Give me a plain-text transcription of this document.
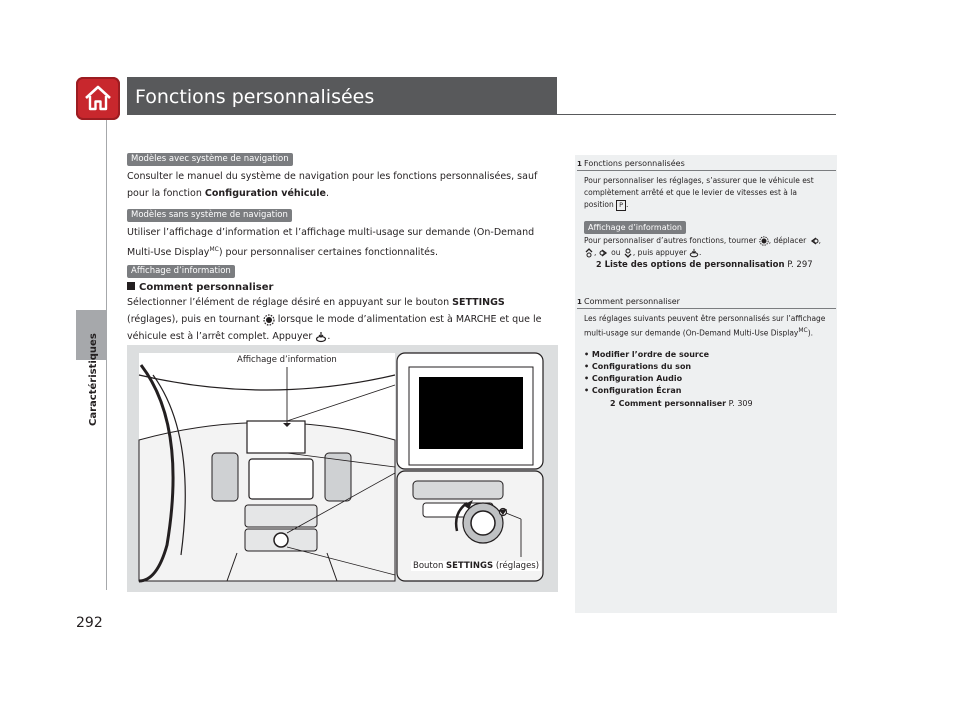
Caractéristiques
292
Fonctions personnalisées
Modèles avec système de navigation
Consulter le manuel du système de navigation pour les fonctions personnalisées, sauf pour la fonction Configuration véhicule.
Modèles sans système de navigation
Utiliser l’affichage d’information et l’affichage multi-usage sur demande (On-Demand Multi-Use Display$^{MC}$) pour personnaliser certaines fonctionnalités.
Affichage d’information
Comment personnaliser
Sélectionner l’élément de réglage désiré en appuyant sur le bouton SETTINGS (réglages), puis en tournant  lorsque le mode d’alimentation est à MARCHE et que le véhicule est à l’arrêt complet. Appuyer .
Affichage d’information
Bouton SETTINGS (réglages)
1 Fonctions personnalisées
Pour personnaliser les réglages, s’assurer que le véhicule est complètement arrêté et que le levier de vitesses est à la position P .
Affichage d’information
Pour personnaliser d’autres fonctions, tourner , déplacer , ,  ou , puis appuyer .
2 Liste des options de personnalisation P. 297
1 Comment personnaliser
Les réglages suivants peuvent être personnalisés sur l’affichage multi-usage sur demande (On-Demand Multi-Use Display$^{MC}$).
• Modifier l’ordre de source
• Configurations du son
• Configuration Audio
• Configuration Écran
2 Comment personnaliser P. 309
